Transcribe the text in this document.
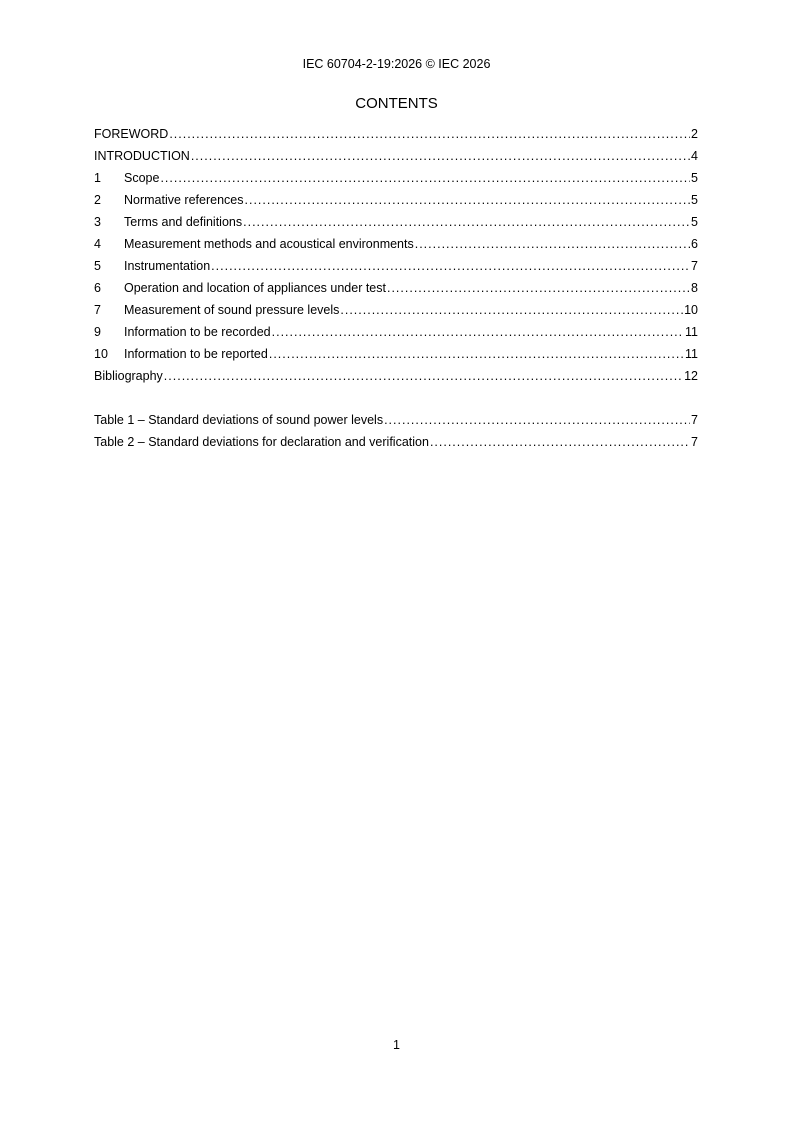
IEC 60704-2-19:2026 © IEC 2026
CONTENTS
FOREWORD .....	2
INTRODUCTION .....	4
1	Scope .....	5
2	Normative references .....	5
3	Terms and definitions .....	5
4	Measurement methods and acoustical environments .....	6
5	Instrumentation .....	7
6	Operation and location of appliances under test .....	8
7	Measurement of sound pressure levels .....	10
9	Information to be recorded .....	11
10	Information to be reported .....	11
Bibliography .....	12
Table 1 – Standard deviations of sound power levels .....	7
Table 2 – Standard deviations for declaration and verification .....	7
1
